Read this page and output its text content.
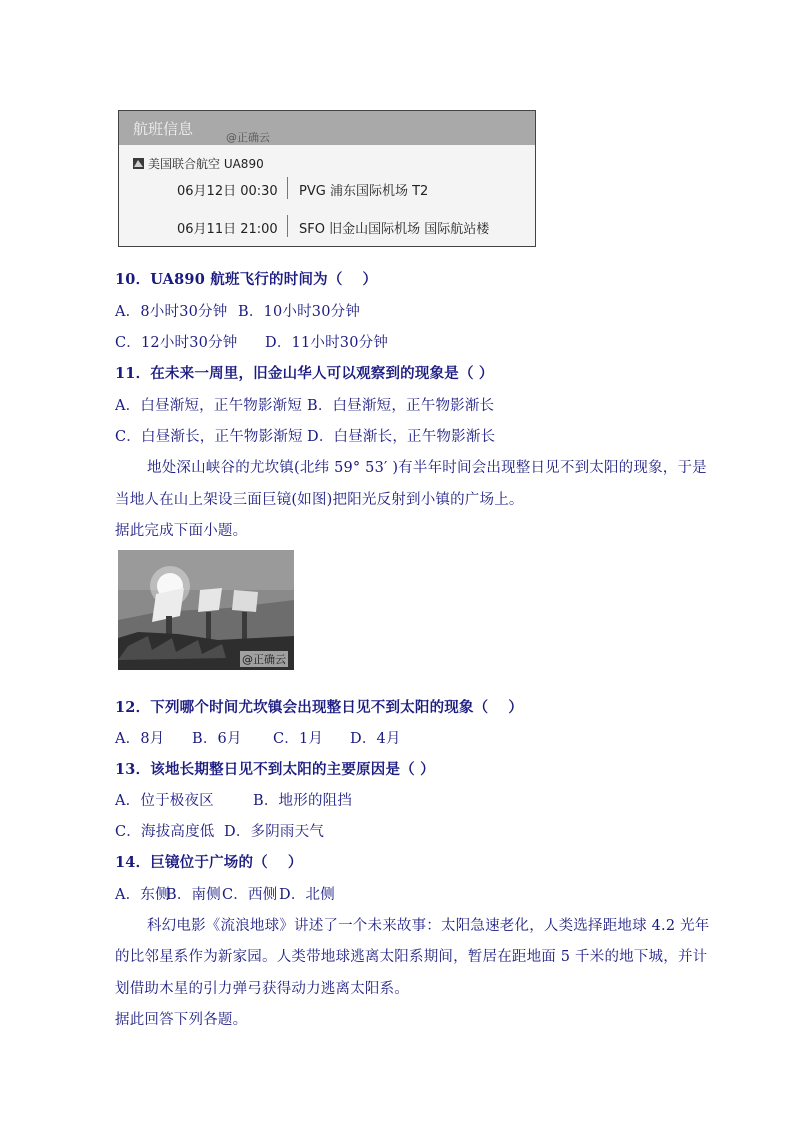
航班信息	@正确云
美国联合航空 UA890
06月12日 00:30 PVG 浦东国际机场 T2
06月11日 21:00 SFO 旧金山国际机场 国际航站楼
10．UA890 航班飞行的时间为（　 ）
A．8小时30分钟 B．10小时30分钟
C．12小时30分钟 D．11小时30分钟
11．在未来一周里，旧金山华人可以观察到的现象是（ ）
A．白昼渐短，正午物影渐短 B．白昼渐短，正午物影渐长
C．白昼渐长，正午物影渐短 D．白昼渐长，正午物影渐长
地处深山峡谷的尤坎镇(北纬 59° 53′ )有半年时间会出现整日见不到太阳的现象，于是
当地人在山上架设三面巨镜(如图)把阳光反射到小镇的广场上。
据此完成下面小题。
@正确云
12．下列哪个时间尤坎镇会出现整日见不到太阳的现象（　 ）
A．8月 B．6月 C．1月 D．4月
13．该地长期整日见不到太阳的主要原因是（ ）
A．位于极夜区	B．地形的阻挡
C．海拔高度低 D．多阴雨天气
14．巨镜位于广场的（　 ）
A．东侧
B．南侧 C．西侧 D．北侧
科幻电影《流浪地球》讲述了一个未来故事：太阳急速老化，人类选择距地球 4.2 光年
的比邻星系作为新家园。人类带地球逃离太阳系期间，暂居在距地面 5 千米的地下城，并计
划借助木星的引力弹弓获得动力逃离太阳系。
据此回答下列各题。
